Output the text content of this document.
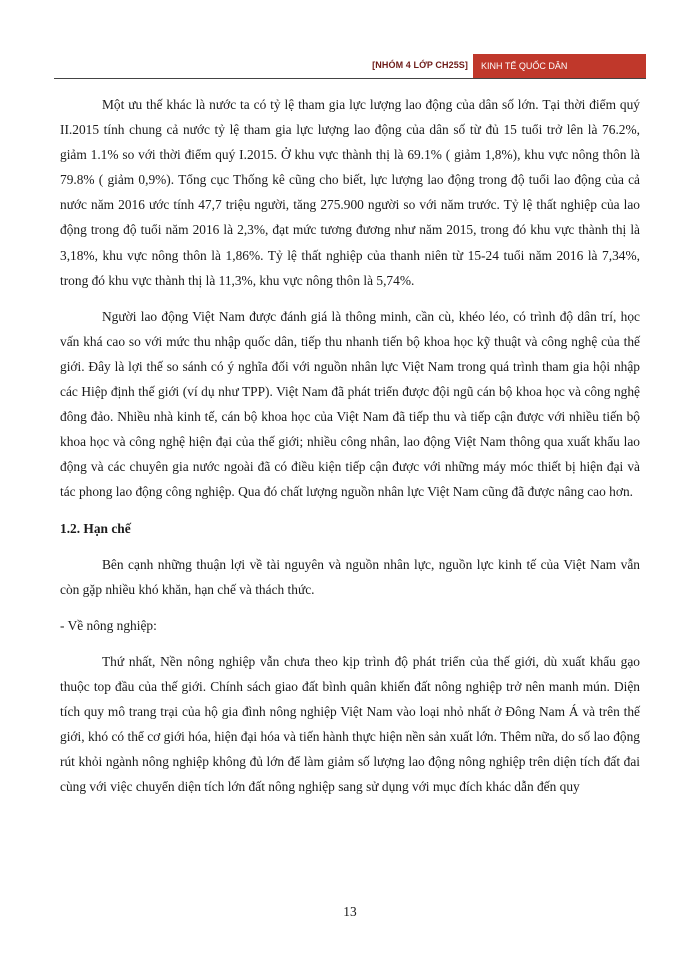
[NHÓM 4 LỚP CH25S]	KINH TẾ QUỐC DÂN

Một ưu thế khác là nước ta có tỷ lệ tham gia lực lượng lao động của dân số lớn. Tại thời điểm quý II.2015 tính chung cả nước tỷ lệ tham gia lực lượng lao động của dân số từ đủ 15 tuổi trở lên là 76.2%, giảm 1.1% so với thời điểm quý I.2015. Ở khu vực thành thị là 69.1% ( giảm 1,8%), khu vực nông thôn là 79.8% ( giảm 0,9%). Tổng cục Thống kê cũng cho biết, lực lượng lao động trong độ tuổi lao động của cả nước năm 2016 ước tính 47,7 triệu người, tăng 275.900 người so với năm trước. Tỷ lệ thất nghiệp của lao động trong độ tuổi năm 2016 là 2,3%, đạt mức tương đương như năm 2015, trong đó khu vực thành thị là 3,18%, khu vực nông thôn là 1,86%. Tỷ lệ thất nghiệp của thanh niên từ 15-24 tuổi năm 2016 là 7,34%, trong đó khu vực thành thị là 11,3%, khu vực nông thôn là 5,74%.

Người lao động Việt Nam được đánh giá là thông minh, cần cù, khéo léo, có trình độ dân trí, học vấn khá cao so với mức thu nhập quốc dân, tiếp thu nhanh tiến bộ khoa học kỹ thuật và công nghệ của thế giới. Đây là lợi thế so sánh có ý nghĩa đối với nguồn nhân lực Việt Nam trong quá trình tham gia hội nhập các Hiệp định thế giới (ví dụ như TPP). Việt Nam đã phát triển được đội ngũ cán bộ khoa học và công nghệ đông đảo. Nhiều nhà kinh tế, cán bộ khoa học của Việt Nam đã tiếp thu và tiếp cận được với nhiều tiến bộ khoa học và công nghệ hiện đại của thế giới; nhiều công nhân, lao động Việt Nam thông qua xuất khẩu lao động và các chuyên gia nước ngoài đã có điều kiện tiếp cận được với những máy móc thiết bị hiện đại và tác phong lao động công nghiệp. Qua đó chất lượng nguồn nhân lực Việt Nam cũng đã được nâng cao hơn.

1.2. Hạn chế

Bên cạnh những thuận lợi về tài nguyên và nguồn nhân lực, nguồn lực kinh tế của Việt Nam vẫn còn gặp nhiều khó khăn, hạn chế và thách thức.

- Về nông nghiệp:

Thứ nhất, Nền nông nghiệp vẫn chưa theo kịp trình độ phát triển của thế giới, dù xuất khẩu gạo thuộc top đầu của thế giới. Chính sách giao đất bình quân khiến đất nông nghiệp trở nên manh mún. Diện tích quy mô trang trại của hộ gia đình nông nghiệp Việt Nam vào loại nhỏ nhất ở Đông Nam Á và trên thế giới, khó có thể cơ giới hóa, hiện đại hóa và tiến hành thực hiện nền sản xuất lớn. Thêm nữa, do số lao động rút khỏi ngành nông nghiệp không đủ lớn để làm giảm số lượng lao động nông nghiệp trên diện tích đất đai cùng với việc chuyển diện tích lớn đất nông nghiệp sang sử dụng với mục đích khác dẫn đến quy

13
